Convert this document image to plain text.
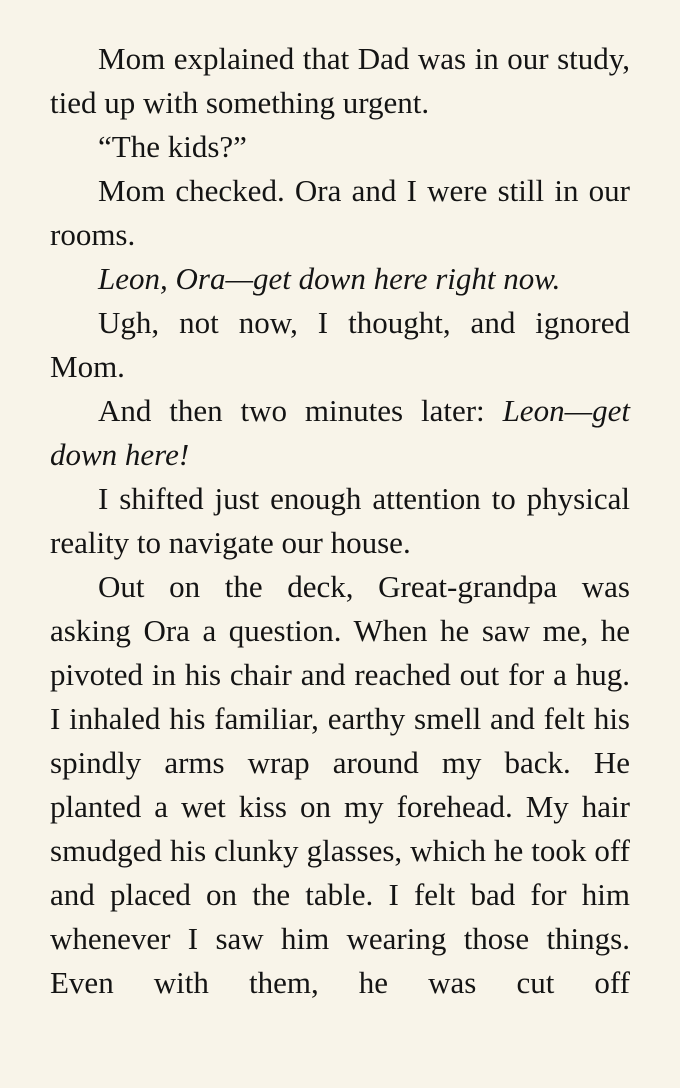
Mom explained that Dad was in our study, tied up with something urgent.

“The kids?”

Mom checked. Ora and I were still in our rooms.

Leon, Ora—get down here right now.

Ugh, not now, I thought, and ignored Mom.

And then two minutes later: Leon—get down here!

I shifted just enough attention to physical reality to navigate our house.

Out on the deck, Great-grandpa was asking Ora a question. When he saw me, he pivoted in his chair and reached out for a hug. I inhaled his familiar, earthy smell and felt his spindly arms wrap around my back. He planted a wet kiss on my forehead. My hair smudged his clunky glasses, which he took off and placed on the table. I felt bad for him whenever I saw him wearing those things. Even with them, he was cut off
